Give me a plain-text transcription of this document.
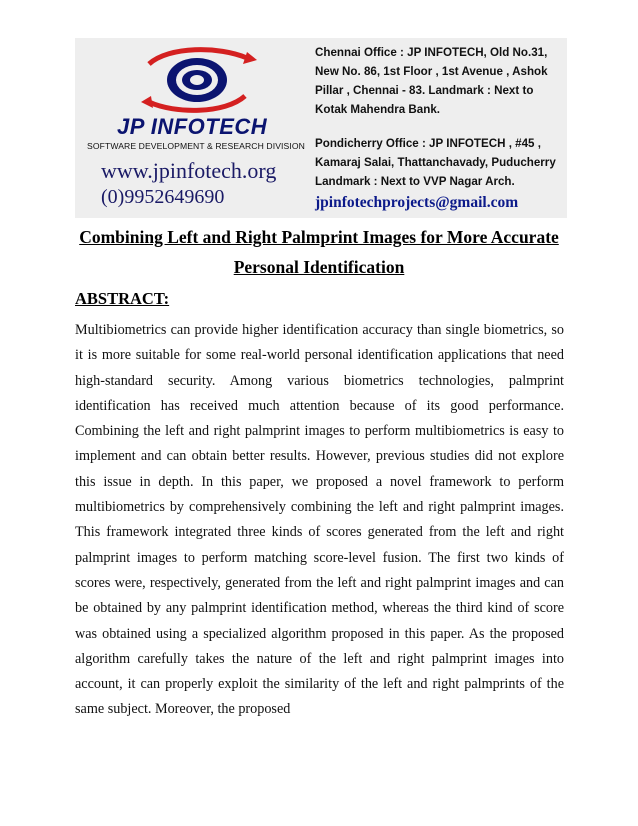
JP INFOTECH
SOFTWARE DEVELOPMENT & RESEARCH DIVISION
www.jpinfotech.org
(0)9952649690
Chennai Office : JP INFOTECH, Old No.31, New No. 86, 1st Floor , 1st Avenue , Ashok Pillar , Chennai - 83. Landmark : Next to Kotak Mahendra Bank.
Pondicherry Office : JP INFOTECH , #45 , Kamaraj Salai, Thattanchavady, Puducherry Landmark : Next to VVP Nagar Arch.
jpinfotechprojects@gmail.com
Combining Left and Right Palmprint Images for More Accurate Personal Identification
ABSTRACT:
Multibiometrics can provide higher identification accuracy than single biometrics, so it is more suitable for some real-world personal identification applications that need high-standard security. Among various biometrics technologies, palmprint identification has received much attention because of its good performance. Combining the left and right palmprint images to perform multibiometrics is easy to implement and can obtain better results. However, previous studies did not explore this issue in depth. In this paper, we proposed a novel framework to perform multibiometrics by comprehensively combining the left and right palmprint images. This framework integrated three kinds of scores generated from the left and right palmprint images to perform matching score-level fusion. The first two kinds of scores were, respectively, generated from the left and right palmprint images and can be obtained by any palmprint identification method, whereas the third kind of score was obtained using a specialized algorithm proposed in this paper. As the proposed algorithm carefully takes the nature of the left and right palmprint images into account, it can properly exploit the similarity of the left and right palmprints of the same subject. Moreover, the proposed
